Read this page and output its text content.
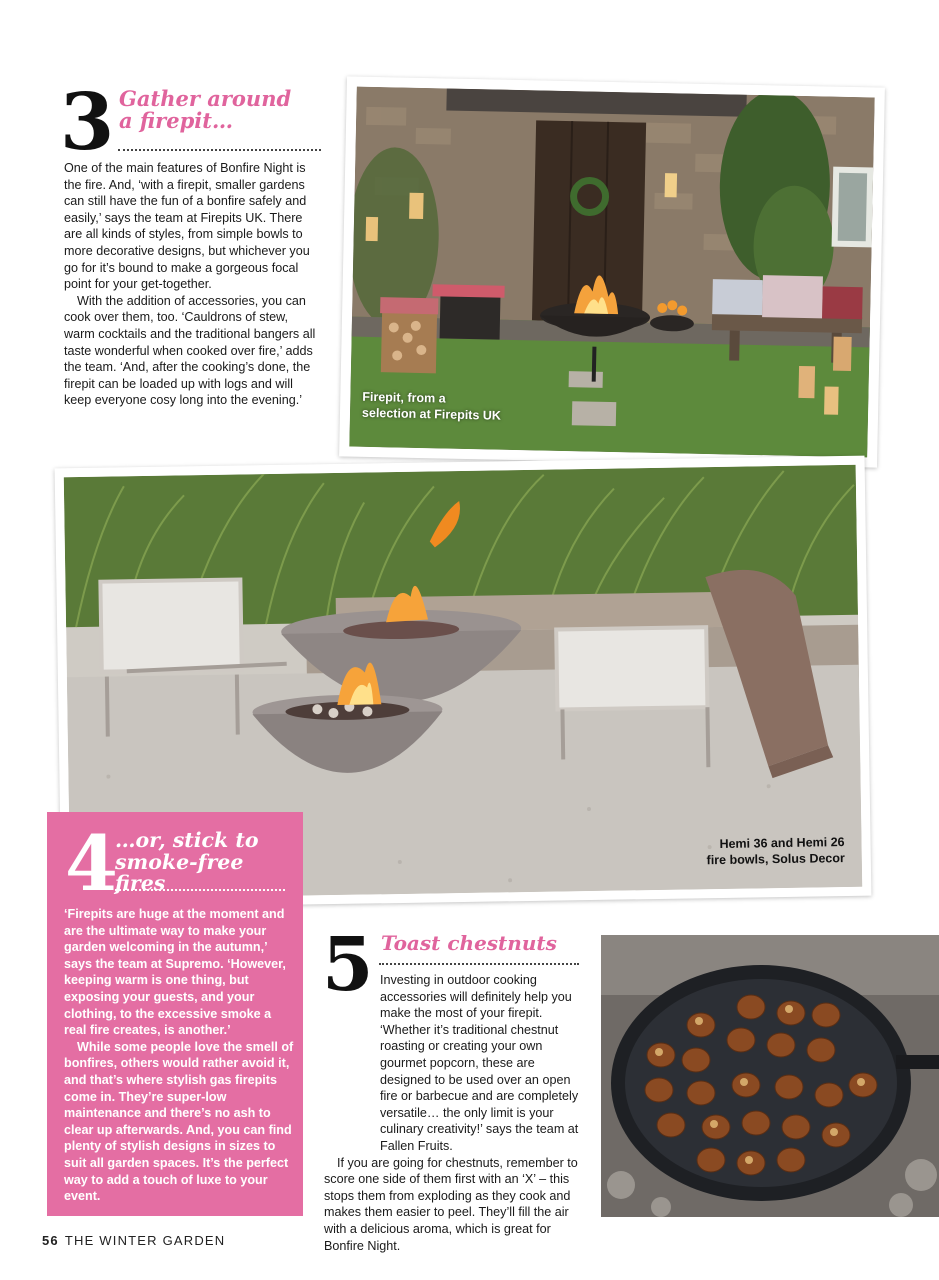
3 Gather around
a firepit…

One of the main features of Bonfire Night is the fire. And, ‘with a firepit, smaller gardens can still have the fun of a bonfire safely and easily,’ says the team at Firepits UK. There are all kinds of styles, from simple bowls to more decorative designs, but whichever you go for it’s bound to make a gorgeous focal point for your get-together.

With the addition of accessories, you can cook over them, too. ‘Cauldrons of stew, warm cocktails and the traditional bangers all taste wonderful when cooked over fire,’ adds the team. ‘And, after the cooking’s done, the firepit can be loaded up with logs and will keep everyone cosy long into the evening.’	Firepit, from a
selection at Firepits UK
Hemi 36 and Hemi 26
fire bowls, Solus Decor
4
…or, stick to
smoke-free fires

‘Firepits are huge at the moment and are the ultimate way to make your garden welcoming in the autumn,’ says the team at Supremo. ‘However, keeping warm is one thing, but exposing your guests, and your clothing, to the excessive smoke a real fire creates, is another.’

While some people love the smell of bonfires, others would rather avoid it, and that’s where stylish gas firepits come in. They’re super-low maintenance and there’s no ash to clear up afterwards. And, you can find plenty of stylish designs in sizes to suit all garden spaces. It’s the perfect way to add a touch of luxe to your event.

5 Toast chestnuts

Investing in outdoor cooking accessories will definitely help you make the most of your firepit. ‘Whether it’s traditional chestnut roasting or creating your own gourmet popcorn, these are designed to be used over an open fire or barbecue and are completely versatile… the only limit is your culinary creativity!’ says the team at Fallen Fruits.

If you are going for chestnuts, remember to score one side of them first with an ‘X’ – this stops them from exploding as they cook and makes them easier to peel. They’ll fill the air with a delicious aroma, which is great for Bonfire Night.

56 THE WINTER GARDEN
